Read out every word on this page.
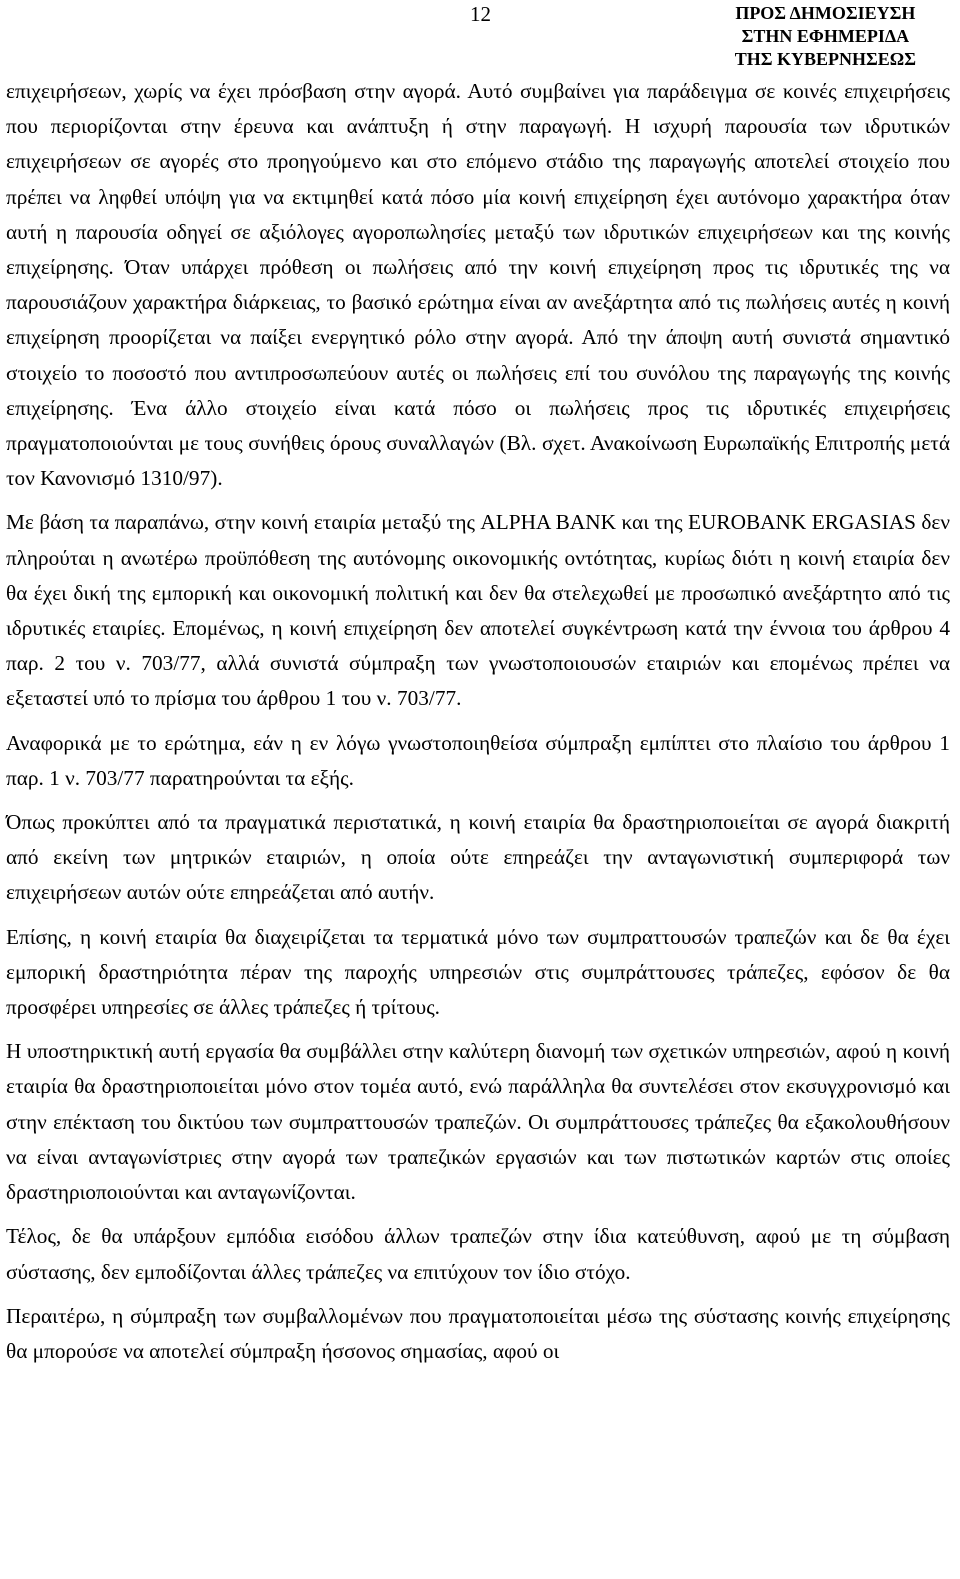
12	ΠΡΟΣ ΔΗΜΟΣΙΕΥΣΗ
ΣΤΗΝ ΕΦΗΜΕΡΙΔΑ
ΤΗΣ ΚΥΒΕΡΝΗΣΕΩΣ

επιχειρήσεων, χωρίς να έχει πρόσβαση στην αγορά. Αυτό συμβαίνει για παράδειγμα σε κοινές επιχειρήσεις που περιορίζονται στην έρευνα και ανάπτυξη ή στην παραγωγή. Η ισχυρή παρουσία των ιδρυτικών επιχειρήσεων σε αγορές στο προηγούμενο και στο επόμενο στάδιο της παραγωγής αποτελεί στοιχείο που πρέπει να ληφθεί υπόψη για να εκτιμηθεί κατά πόσο μία κοινή επιχείρηση έχει αυτόνομο χαρακτήρα όταν αυτή η παρουσία οδηγεί σε αξιόλογες αγοροπωλησίες μεταξύ των ιδρυτικών επιχειρήσεων και της κοινής επιχείρησης. Όταν υπάρχει πρόθεση οι πωλήσεις από την κοινή επιχείρηση προς τις ιδρυτικές της να παρουσιάζουν χαρακτήρα διάρκειας, το βασικό ερώτημα είναι αν ανεξάρτητα από τις πωλήσεις αυτές η κοινή επιχείρηση προορίζεται να παίξει ενεργητικό ρόλο στην αγορά. Από την άποψη αυτή συνιστά σημαντικό στοιχείο το ποσοστό που αντιπροσωπεύουν αυτές οι πωλήσεις επί του συνόλου της παραγωγής της κοινής επιχείρησης. Ένα άλλο στοιχείο είναι κατά πόσο οι πωλήσεις προς τις ιδρυτικές επιχειρήσεις πραγματοποιούνται με τους συνήθεις όρους συναλλαγών (Βλ. σχετ. Ανακοίνωση Ευρωπαϊκής Επιτροπής μετά τον Κανονισμό 1310/97).

Με βάση τα παραπάνω, στην κοινή εταιρία μεταξύ της ALPHA BANK και της EUROBANK ERGASIAS δεν πληρούται η ανωτέρω προϋπόθεση της αυτόνομης οικονομικής οντότητας, κυρίως διότι η κοινή εταιρία δεν θα έχει δική της εμπορική και οικονομική πολιτική και δεν θα στελεχωθεί με προσωπικό ανεξάρτητο από τις ιδρυτικές εταιρίες. Επομένως, η κοινή επιχείρηση δεν αποτελεί συγκέντρωση κατά την έννοια του άρθρου 4 παρ. 2 του ν. 703/77, αλλά συνιστά σύμπραξη των γνωστοποιουσών εταιριών και επομένως πρέπει να εξεταστεί υπό το πρίσμα του άρθρου 1 του ν. 703/77.

Αναφορικά με το ερώτημα, εάν η εν λόγω γνωστοποιηθείσα σύμπραξη εμπίπτει στο πλαίσιο του άρθρου 1 παρ. 1 ν. 703/77 παρατηρούνται τα εξής.

Όπως προκύπτει από τα πραγματικά περιστατικά, η κοινή εταιρία θα δραστηριοποιείται σε αγορά διακριτή από εκείνη των μητρικών εταιριών, η οποία ούτε επηρεάζει την ανταγωνιστική συμπεριφορά των επιχειρήσεων αυτών ούτε επηρεάζεται από αυτήν.

Επίσης, η κοινή εταιρία θα διαχειρίζεται τα τερματικά μόνο των συμπραττουσών τραπεζών και δε θα έχει εμπορική δραστηριότητα πέραν της παροχής υπηρεσιών στις συμπράττουσες τράπεζες, εφόσον δε θα προσφέρει υπηρεσίες σε άλλες τράπεζες ή τρίτους.

Η υποστηρικτική αυτή εργασία θα συμβάλλει στην καλύτερη διανομή των σχετικών υπηρεσιών, αφού η κοινή εταιρία θα δραστηριοποιείται μόνο στον τομέα αυτό, ενώ παράλληλα θα συντελέσει στον εκσυγχρονισμό και στην επέκταση του δικτύου των συμπραττουσών τραπεζών. Οι συμπράττουσες τράπεζες θα εξακολουθήσουν να είναι ανταγωνίστριες στην αγορά των τραπεζικών εργασιών και των πιστωτικών καρτών στις οποίες δραστηριοποιούνται και ανταγωνίζονται.

Τέλος, δε θα υπάρξουν εμπόδια εισόδου άλλων τραπεζών στην ίδια κατεύθυνση, αφού με τη σύμβαση σύστασης, δεν εμποδίζονται άλλες τράπεζες να επιτύχουν τον ίδιο στόχο.

Περαιτέρω, η σύμπραξη των συμβαλλομένων που πραγματοποιείται μέσω της σύστασης κοινής επιχείρησης θα μπορούσε να αποτελεί σύμπραξη ήσσονος σημασίας, αφού οι
